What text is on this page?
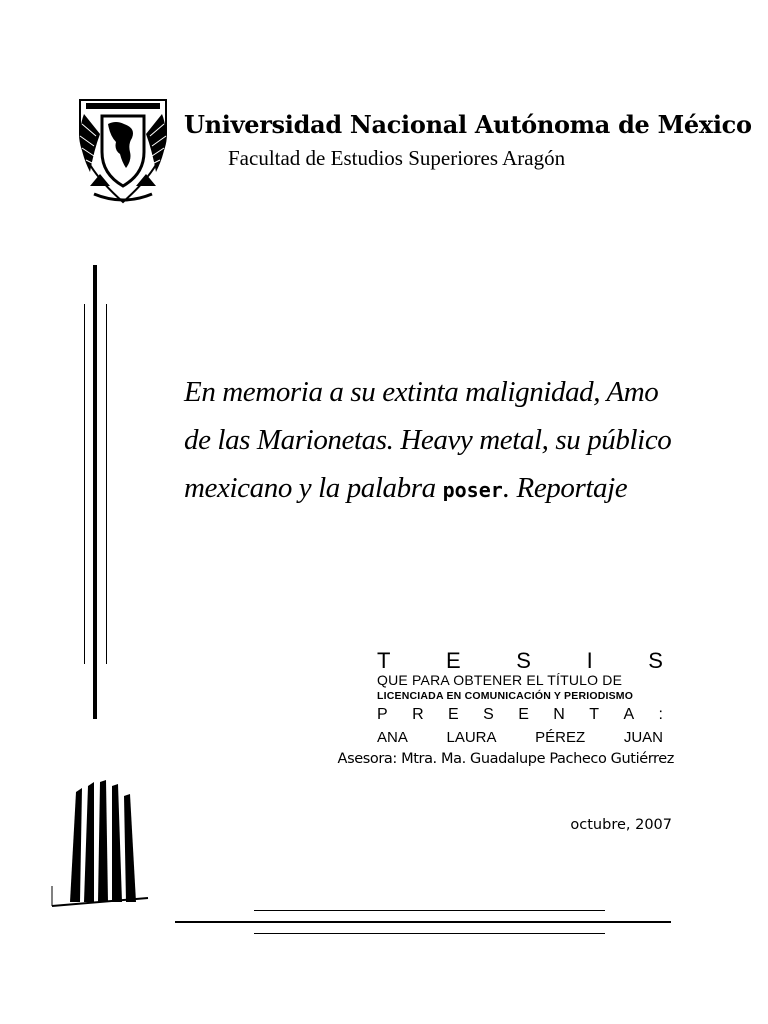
Universidad Nacional Autónoma de México
Facultad de Estudios Superiores Aragón
En memoria a su extinta malignidad, Amo de las Marionetas. Heavy metal, su público mexicano y la palabra poser. Reportaje
T	E	S	I	S
QUE PARA OBTENER EL TÍTULO DE
LICENCIADA EN COMUNICACIÓN Y PERIODISMO
P R E S E N T A :
ANA	LAURA	PÉREZ	JUAN
Asesora: Mtra. Ma. Guadalupe Pacheco Gutiérrez
octubre, 2007
